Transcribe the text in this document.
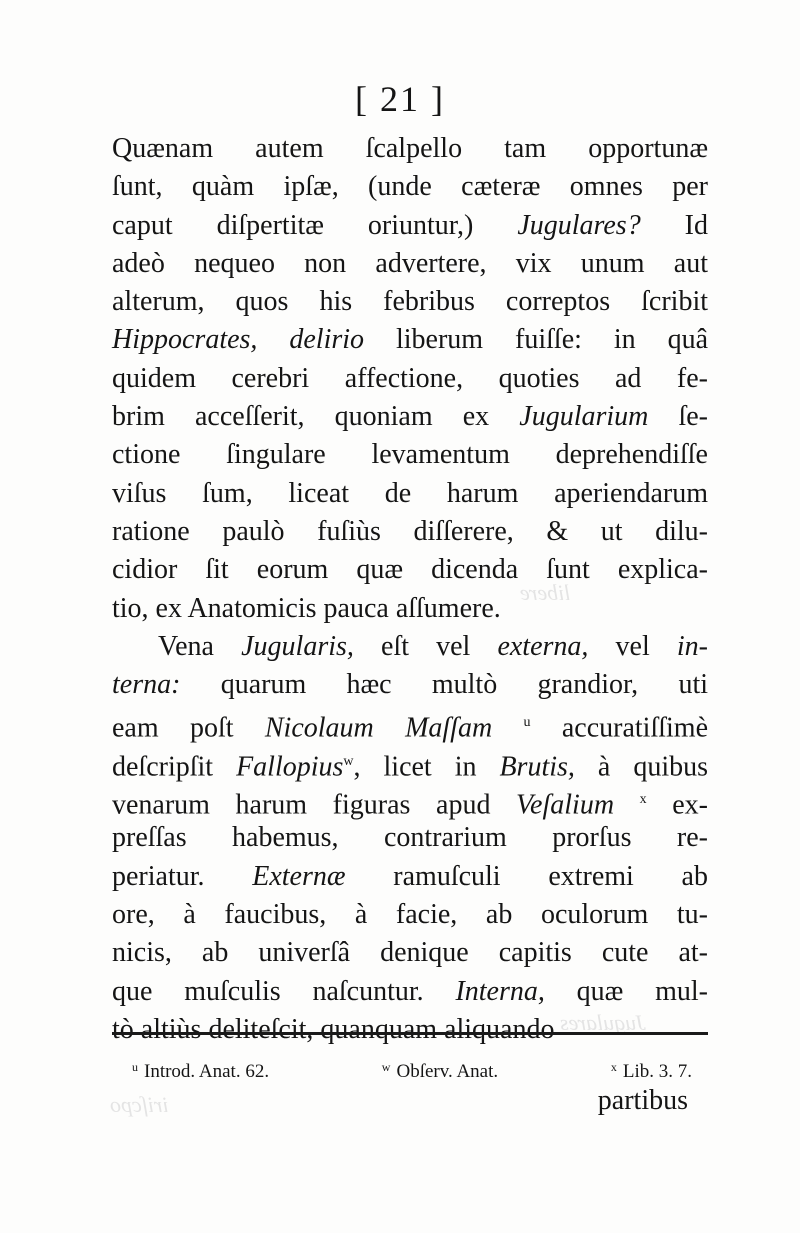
libere
Jugulares
iriſcpo
[ 21 ]
Quænam autem ſcalpello tam opportunæ
ſunt, quàm ipſæ, (unde cæteræ omnes per
caput diſpertitæ oriuntur,) Jugulares? Id
adeò nequeo non advertere, vix unum aut
alterum, quos his febribus correptos ſcribit
Hippocrates, delirio liberum fuiſſe: in quâ
quidem cerebri affectione, quoties ad fe-
brim acceſſerit, quoniam ex Jugularium ſe-
ctione ſingulare levamentum deprehendiſſe
viſus ſum, liceat de harum aperiendarum
ratione paulò fuſiùs diſſerere, & ut dilu-
cidior ſit eorum quæ dicenda ſunt explica-
tio, ex Anatomicis pauca aſſumere.
Vena Jugularis, eſt vel externa, vel in-
terna: quarum hæc multò grandior, uti
eam poſt Nicolaum Maſſam $^u$ accuratiſſimè
deſcripſit Fallopius$^w$, licet in Brutis, à quibus
venarum harum figuras apud Veſalium $^x$ ex-
preſſas habemus, contrarium prorſus re-
periatur. Externæ ramuſculi extremi ab
ore, à faucibus, à facie, ab oculorum tu-
nicis, ab univerſâ denique capitis cute at-
que muſculis naſcuntur. Interna, quæ mul-
tò altiùs deliteſcit, quanquam aliquando
$^u$ Introd. Anat. 62.	$^w$ Obſerv. Anat.	$^x$ Lib. 3. 7.
partibus
